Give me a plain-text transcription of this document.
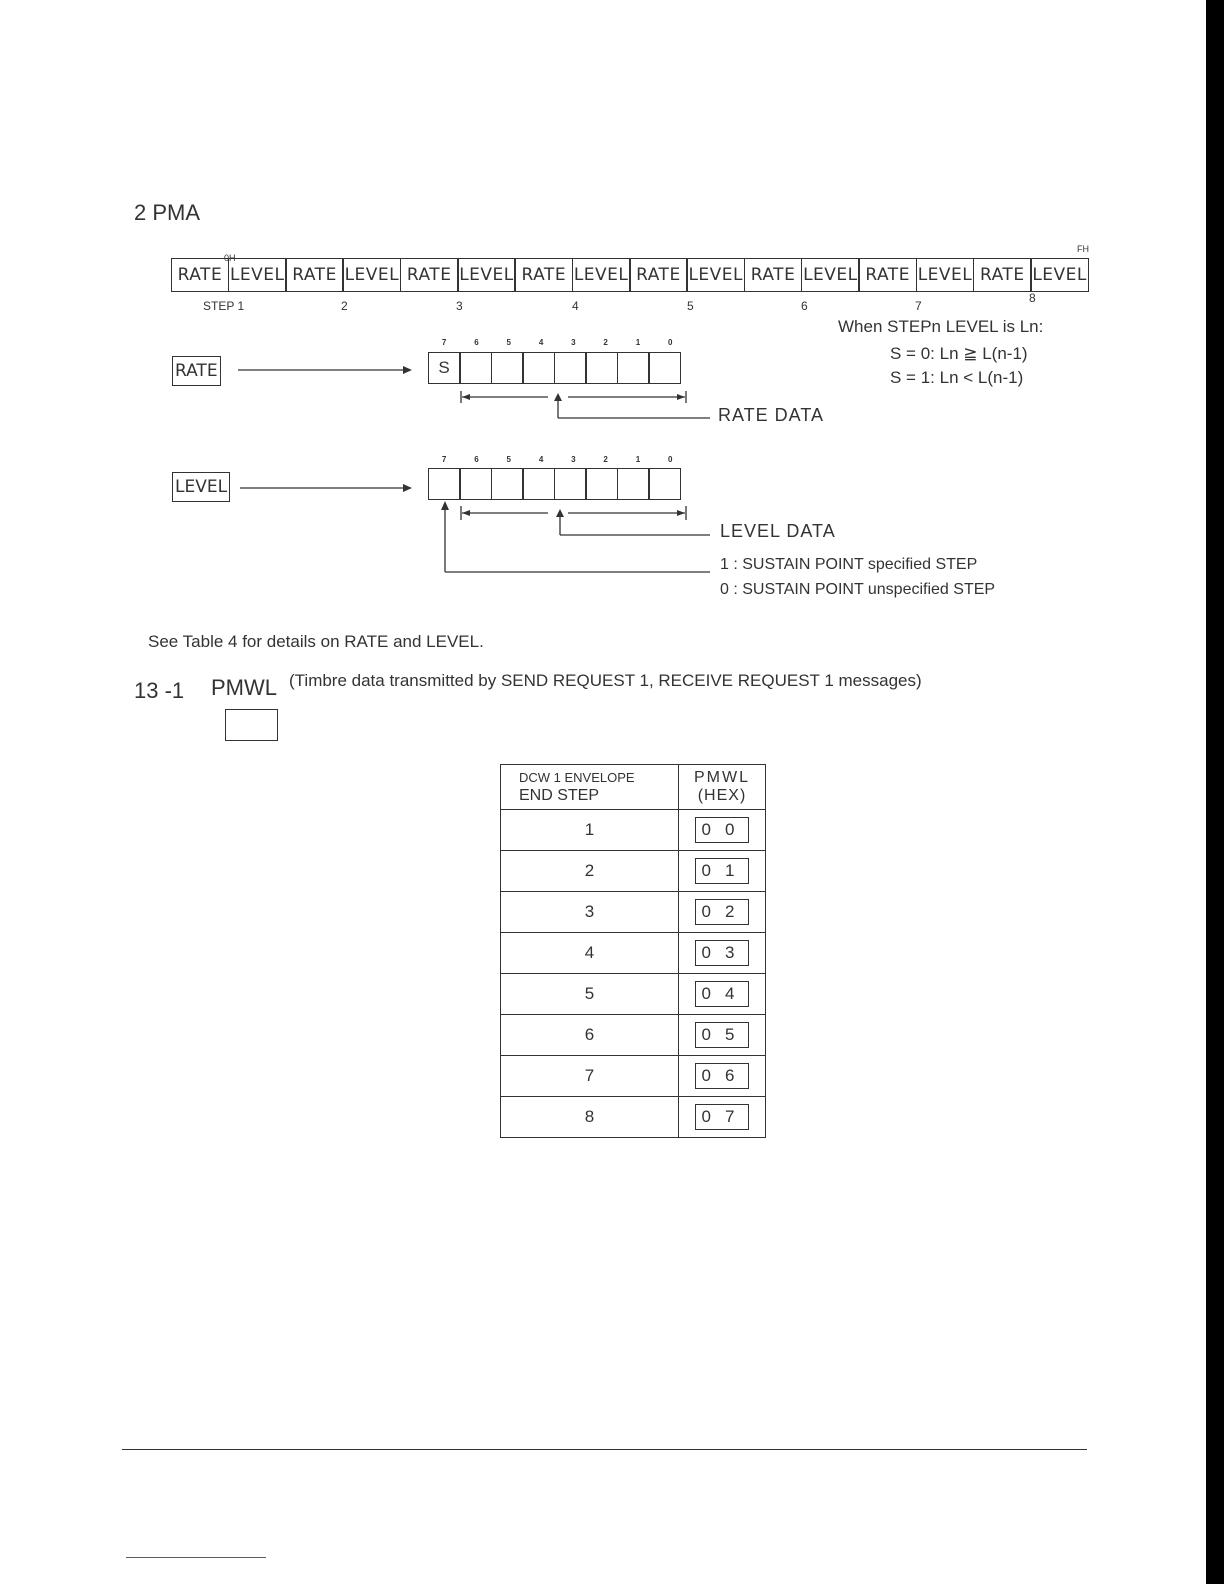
2 PMA
0H
FH
RATE LEVEL RATE LEVEL RATE LEVEL RATE LEVEL RATE LEVEL RATE LEVEL RATE LEVEL RATE LEVEL
STEP 1	2	3	4	5	6	7
8
When STEPn LEVEL is Ln:
S = 0: Ln ≧ L(n-1)
S = 1: Ln < L(n-1)
RATE
7	6	5	4	3	2	1	0
S
RATE DATA
LEVEL
7	6	5	4	3	2	1	0
LEVEL DATA
1 : SUSTAIN POINT specified STEP
0 : SUSTAIN POINT unspecified STEP
See Table 4 for details on RATE and LEVEL.
13 -1 PMWL (Timbre data transmitted by SEND REQUEST 1, RECEIVE REQUEST 1 messages)
DCW 1 ENVELOPE
END STEP	PMWL
(HEX)
1	00
2	01
3	02
4	03
5	04
6	05
7	06
8	07
